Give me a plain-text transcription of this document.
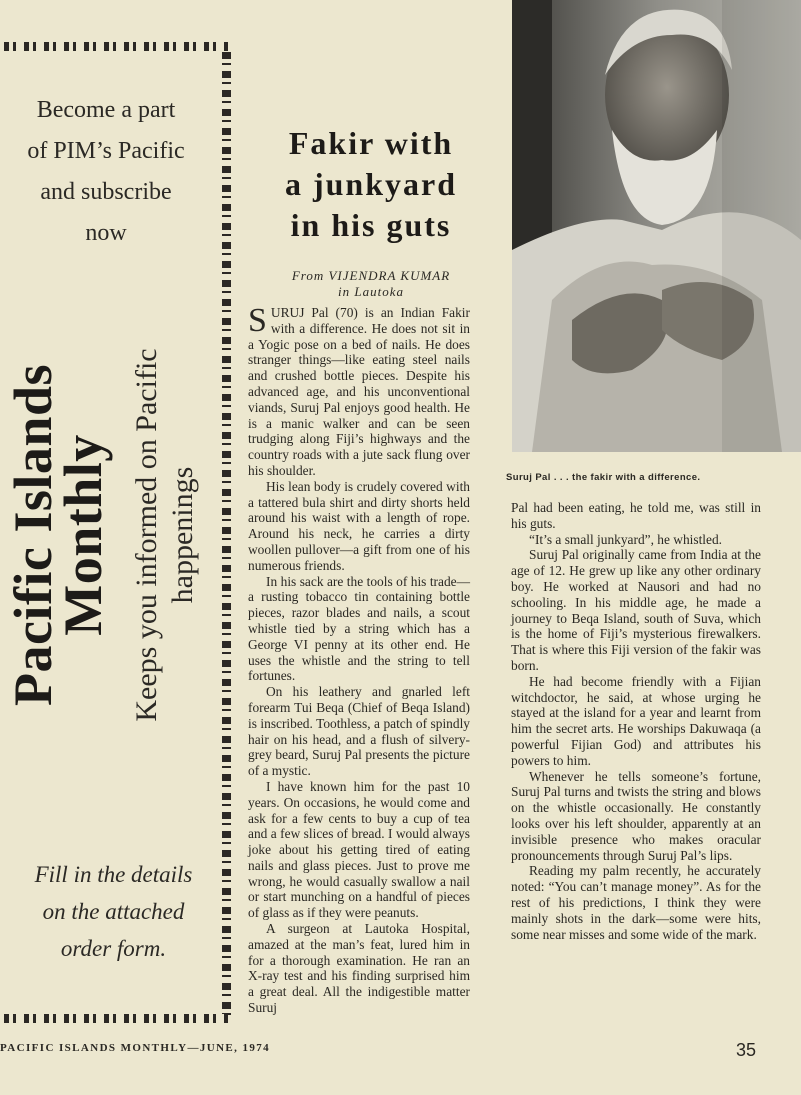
Become a part
of PIM’s Pacific
and subscribe
now
Pacific Islands
Monthly Keeps you informed on Pacific happenings
Fill in the details
on the attached
order form.
Fakir with
a junkyard
in his guts
From VIJENDRA KUMAR
in Lautoka

SURUJ Pal (70) is an Indian Fakir with a difference. He does not sit in a Yogic pose on a bed of nails. He does stranger things—like eating steel nails and crushed bottle pieces. Despite his advanced age, and his unconventional viands, Suruj Pal enjoys good health. He is a manic walker and can be seen trudging along Fiji’s highways and the country roads with a jute sack flung over his shoulder.

His lean body is crudely covered with a tattered bula shirt and dirty shorts held around his waist with a length of rope. Around his neck, he carries a dirty woollen pullover—a gift from one of his numerous friends.

In his sack are the tools of his trade—a rusting tobacco tin containing bottle pieces, razor blades and nails, a scout whistle tied by a string which has a George VI penny at its other end. He uses the whistle and the string to tell fortunes.

On his leathery and gnarled left forearm Tui Beqa (Chief of Beqa Island) is inscribed. Toothless, a patch of spindly hair on his head, and a flush of silvery-grey beard, Suruj Pal presents the picture of a mystic.

I have known him for the past 10 years. On occasions, he would come and ask for a few cents to buy a cup of tea and a few slices of bread. I would always joke about his getting tired of eating nails and glass pieces. Just to prove me wrong, he would casually swallow a nail or start munching on a handful of pieces of glass as if they were peanuts.

A surgeon at Lautoka Hospital, amazed at the man’s feat, lured him in for a thorough examination. He ran an X-ray test and his finding surprised him a great deal. All the indigestible matter Suruj

Suruj Pal . . . the fakir with a difference.

Pal had been eating, he told me, was still in his guts.

“It’s a small junkyard”, he whistled.

Suruj Pal originally came from India at the age of 12. He grew up like any other ordinary boy. He worked at Nausori and had no schooling. In his middle age, he made a journey to Beqa Island, south of Suva, which is the home of Fiji’s mysterious firewalkers. That is where this Fiji version of the fakir was born.

He had become friendly with a Fijian witchdoctor, he said, at whose urging he stayed at the island for a year and learnt from him the secret arts. He worships Dakuwaqa (a powerful Fijian God) and attributes his powers to him.

Whenever he tells someone’s fortune, Suruj Pal turns and twists the string and blows on the whistle occasionally. He constantly looks over his left shoulder, apparently at an invisible presence who makes oracular pronouncements through Suruj Pal’s lips.

Reading my palm recently, he accurately noted: “You can’t manage money”. As for the rest of his predictions, I think they were mainly shots in the dark—some were hits, some near misses and some wide of the mark.

PACIFIC ISLANDS MONTHLY—JUNE, 1974	35
